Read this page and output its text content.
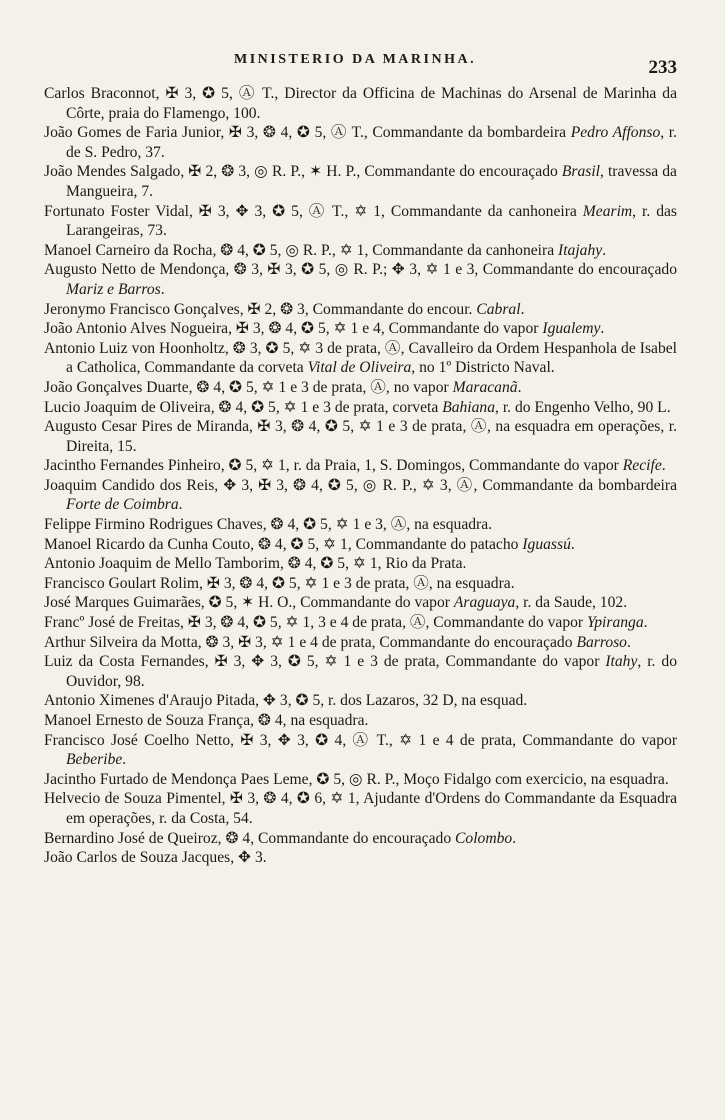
MINISTERIO DA MARINHA.	233

Carlos Braconnot, ✠ 3, ✪ 5, Ⓐ T., Director da Officina de Machinas do Arsenal de Marinha da Côrte, praia do Flamengo, 100.

João Gomes de Faria Junior, ✠ 3, ❂ 4, ✪ 5, Ⓐ T., Commandante da bombardeira Pedro Affonso, r. de S. Pedro, 37.

João Mendes Salgado, ✠ 2, ❂ 3, ◎ R. P., ✶ H. P., Commandante do encouraçado Brasil, travessa da Mangueira, 7.

Fortunato Foster Vidal, ✠ 3, ✥ 3, ✪ 5, Ⓐ T., ✡ 1, Commandante da canhoneira Mearim, r. das Larangeiras, 73.

Manoel Carneiro da Rocha, ❂ 4, ✪ 5, ◎ R. P., ✡ 1, Commandante da canhoneira Itajahy.

Augusto Netto de Mendonça, ❂ 3, ✠ 3, ✪ 5, ◎ R. P.; ✥ 3, ✡ 1 e 3, Commandante do encouraçado Mariz e Barros.

Jeronymo Francisco Gonçalves, ✠ 2, ❂ 3, Commandante do encour. Cabral.

João Antonio Alves Nogueira, ✠ 3, ❂ 4, ✪ 5, ✡ 1 e 4, Commandante do vapor Igualemy.

Antonio Luiz von Hoonholtz, ❂ 3, ✪ 5, ✡ 3 de prata, Ⓐ, Cavalleiro da Ordem Hespanhola de Isabel a Catholica, Commandante da corveta Vital de Oliveira, no 1º Districto Naval.

João Gonçalves Duarte, ❂ 4, ✪ 5, ✡ 1 e 3 de prata, Ⓐ, no vapor Maracanã.

Lucio Joaquim de Oliveira, ❂ 4, ✪ 5, ✡ 1 e 3 de prata, corveta Bahiana, r. do Engenho Velho, 90 L.

Augusto Cesar Pires de Miranda, ✠ 3, ❂ 4, ✪ 5, ✡ 1 e 3 de prata, Ⓐ, na esquadra em operações, r. Direita, 15.

Jacintho Fernandes Pinheiro, ✪ 5, ✡ 1, r. da Praia, 1, S. Domingos, Commandante do vapor Recife.

Joaquim Candido dos Reis, ✥ 3, ✠ 3, ❂ 4, ✪ 5, ◎ R. P., ✡ 3, Ⓐ, Commandante da bombardeira Forte de Coimbra.

Felippe Firmino Rodrigues Chaves, ❂ 4, ✪ 5, ✡ 1 e 3, Ⓐ, na esquadra.

Manoel Ricardo da Cunha Couto, ❂ 4, ✪ 5, ✡ 1, Commandante do patacho Iguassú.

Antonio Joaquim de Mello Tamborim, ❂ 4, ✪ 5, ✡ 1, Rio da Prata.

Francisco Goulart Rolim, ✠ 3, ❂ 4, ✪ 5, ✡ 1 e 3 de prata, Ⓐ, na esquadra.

José Marques Guimarães, ✪ 5, ✶ H. O., Commandante do vapor Araguaya, r. da Saude, 102.

Francº José de Freitas, ✠ 3, ❂ 4, ✪ 5, ✡ 1, 3 e 4 de prata, Ⓐ, Commandante do vapor Ypiranga.

Arthur Silveira da Motta, ❂ 3, ✠ 3, ✡ 1 e 4 de prata, Commandante do encouraçado Barroso.

Luiz da Costa Fernandes, ✠ 3, ✥ 3, ✪ 5, ✡ 1 e 3 de prata, Commandante do vapor Itahy, r. do Ouvidor, 98.

Antonio Ximenes d'Araujo Pitada, ✥ 3, ✪ 5, r. dos Lazaros, 32 D, na esquad.

Manoel Ernesto de Souza França, ❂ 4, na esquadra.

Francisco José Coelho Netto, ✠ 3, ✥ 3, ✪ 4, Ⓐ T., ✡ 1 e 4 de prata, Commandante do vapor Beberibe.

Jacintho Furtado de Mendonça Paes Leme, ✪ 5, ◎ R. P., Moço Fidalgo com exercicio, na esquadra.

Helvecio de Souza Pimentel, ✠ 3, ❂ 4, ✪ 6, ✡ 1, Ajudante d'Ordens do Commandante da Esquadra em operações, r. da Costa, 54.

Bernardino José de Queiroz, ❂ 4, Commandante do encouraçado Colombo.

João Carlos de Souza Jacques, ✥ 3.
